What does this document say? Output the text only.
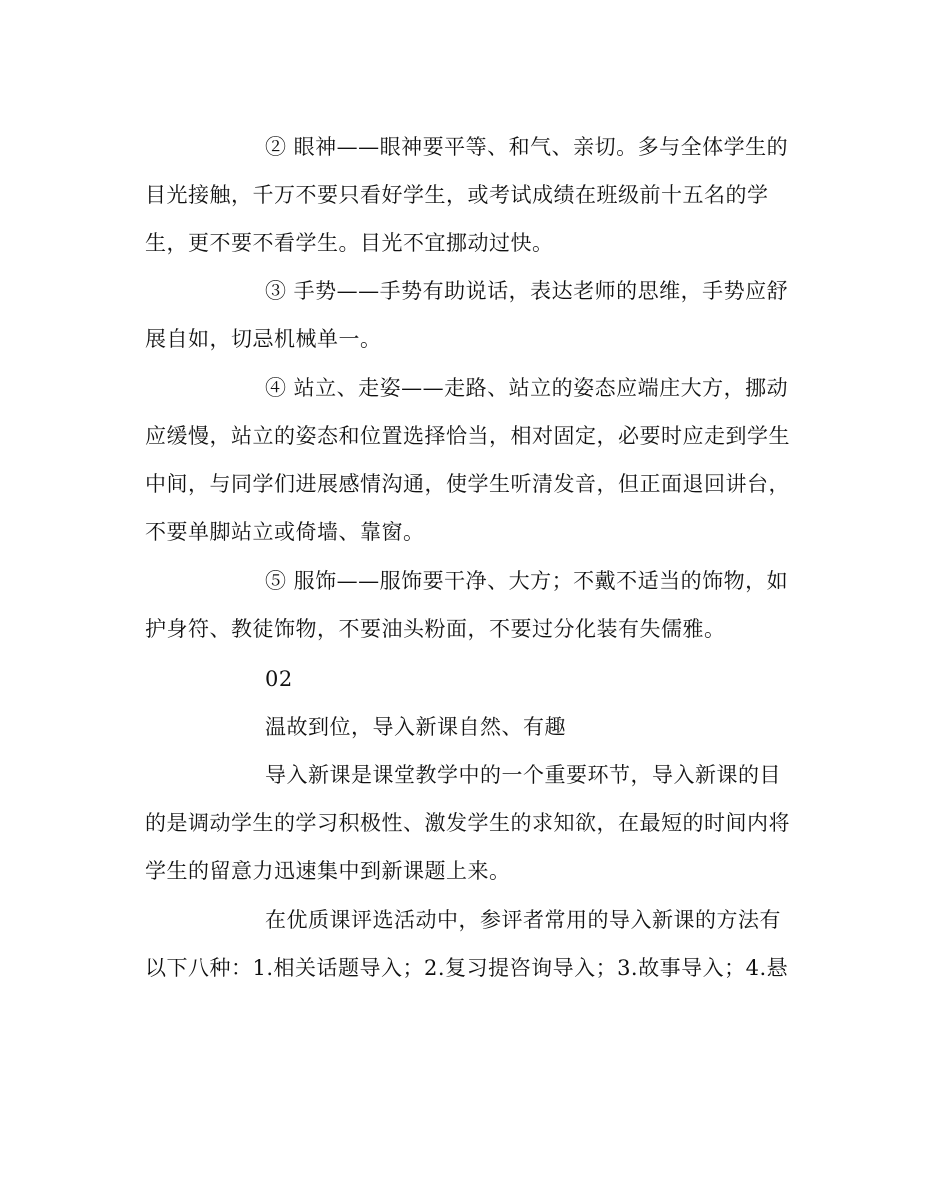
② 眼神——眼神要平等、和气、亲切。多与全体学生的
目光接触，千万不要只看好学生，或考试成绩在班级前十五名的学
生，更不要不看学生。目光不宜挪动过快。
③ 手势——手势有助说话，表达老师的思维，手势应舒
展自如，切忌机械单一。
④ 站立、走姿——走路、站立的姿态应端庄大方，挪动
应缓慢，站立的姿态和位置选择恰当，相对固定，必要时应走到学生
中间，与同学们进展感情沟通，使学生听清发音，但正面退回讲台，
不要单脚站立或倚墙、靠窗。
⑤ 服饰——服饰要干净、大方；不戴不适当的饰物，如
护身符、教徒饰物，不要油头粉面，不要过分化装有失儒雅。
02
温故到位，导入新课自然、有趣
导入新课是课堂教学中的一个重要环节，导入新课的目
的是调动学生的学习积极性、激发学生的求知欲，在最短的时间内将
学生的留意力迅速集中到新课题上来。
在优质课评选活动中，参评者常用的导入新课的方法有
以下八种：1.相关话题导入；2.复习提咨询导入；3.故事导入；4.悬
